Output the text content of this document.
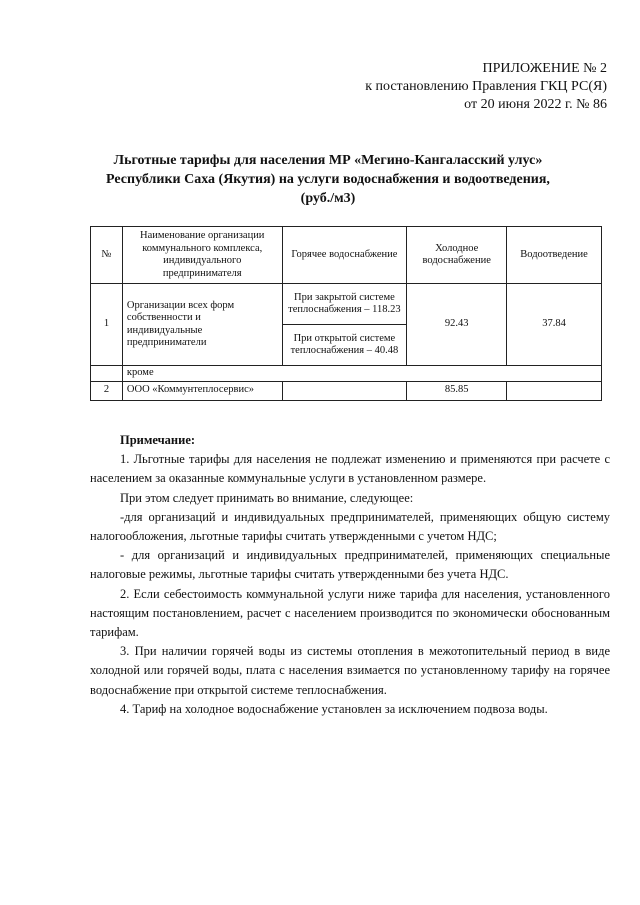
ПРИЛОЖЕНИЕ № 2
к постановлению Правления ГКЦ РС(Я)
от 20 июня 2022 г. № 86
Льготные тарифы для населения МР «Мегино-Кангаласский улус»
Республики Саха (Якутия) на услуги водоснабжения и водоотведения,
(руб./м3)
№	Наименование организации коммунального комплекса, индивидуального предпринимателя	Горячее водоснабжение	Холодное водоснабжение	Водоотведение
1	Организации всех форм собственности и индивидуальные предприниматели	При закрытой системе теплоснабжения – 118.23	92.43	37.84
		При открытой системе теплоснабжения – 40.48		
	кроме			
2	ООО «Коммунтеплосервис»		85.85	

Примечание:

1. Льготные тарифы для населения не подлежат изменению и применяются при расчете с населением за оказанные коммунальные услуги в установленном размере.

При этом следует принимать во внимание, следующее:

-для организаций и индивидуальных предпринимателей, применяющих общую систему налогообложения, льготные тарифы считать утвержденными с учетом НДС;

- для организаций и индивидуальных предпринимателей, применяющих специальные налоговые режимы, льготные тарифы считать утвержденными без учета НДС.

2. Если себестоимость коммунальной услуги ниже тарифа для населения, установленного настоящим постановлением, расчет с населением производится по экономически обоснованным тарифам.

3. При наличии горячей воды из системы отопления в межотопительный период в виде холодной или горячей воды, плата с населения взимается по установленному тарифу на горячее водоснабжение при открытой системе теплоснабжения.

4. Тариф на холодное водоснабжение установлен за исключением подвоза воды.
